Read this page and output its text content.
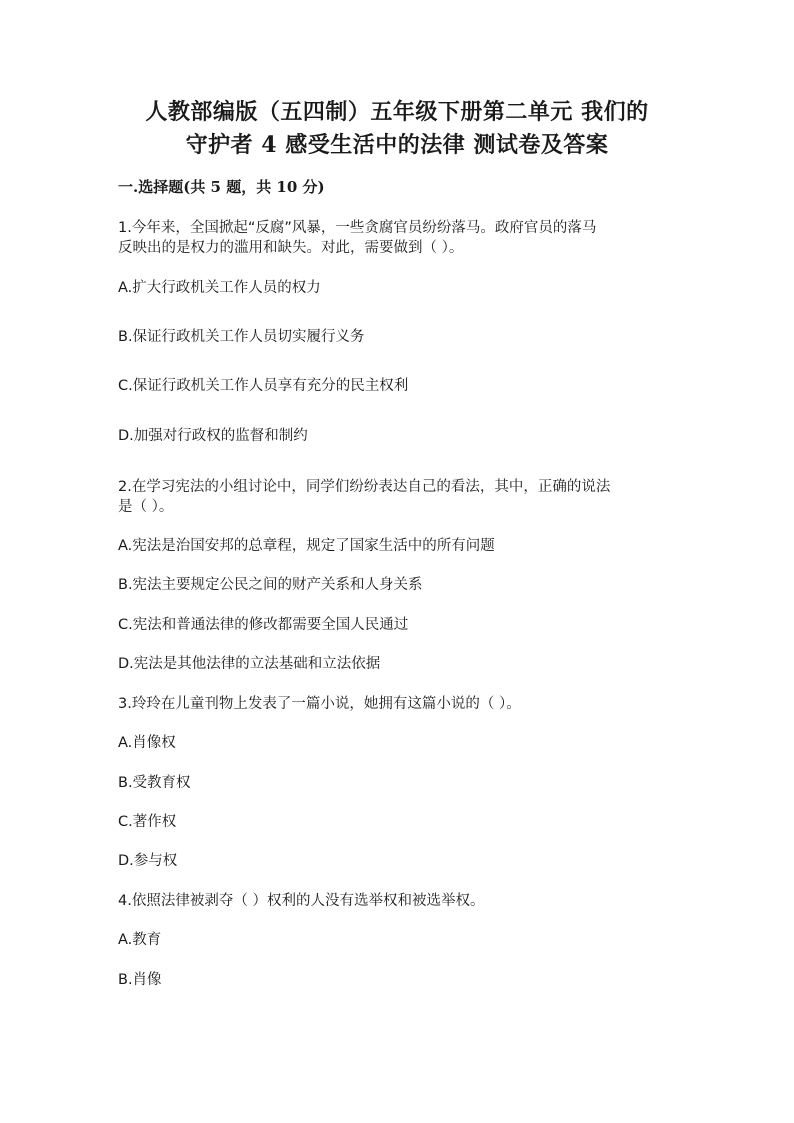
人教部编版（五四制）五年级下册第二单元 我们的
守护者 4 感受生活中的法律 测试卷及答案
一.选择题(共 5 题，共 10 分)
1.今年来，全国掀起“反腐”风暴，一些贪腐官员纷纷落马。政府官员的落马
反映出的是权力的滥用和缺失。对此，需要做到（ ）。
A.扩大行政机关工作人员的权力
B.保证行政机关工作人员切实履行义务
C.保证行政机关工作人员享有充分的民主权利
D.加强对行政权的监督和制约
2.在学习宪法的小组讨论中，同学们纷纷表达自己的看法，其中，正确的说法
是（ ）。
A.宪法是治国安邦的总章程，规定了国家生活中的所有问题
B.宪法主要规定公民之间的财产关系和人身关系
C.宪法和普通法律的修改都需要全国人民通过
D.宪法是其他法律的立法基础和立法依据
3.玲玲在儿童刊物上发表了一篇小说，她拥有这篇小说的（ ）。
A.肖像权
B.受教育权
C.著作权
D.参与权
4.依照法律被剥夺（ ）权利的人没有选举权和被选举权。
A.教育
B.肖像
